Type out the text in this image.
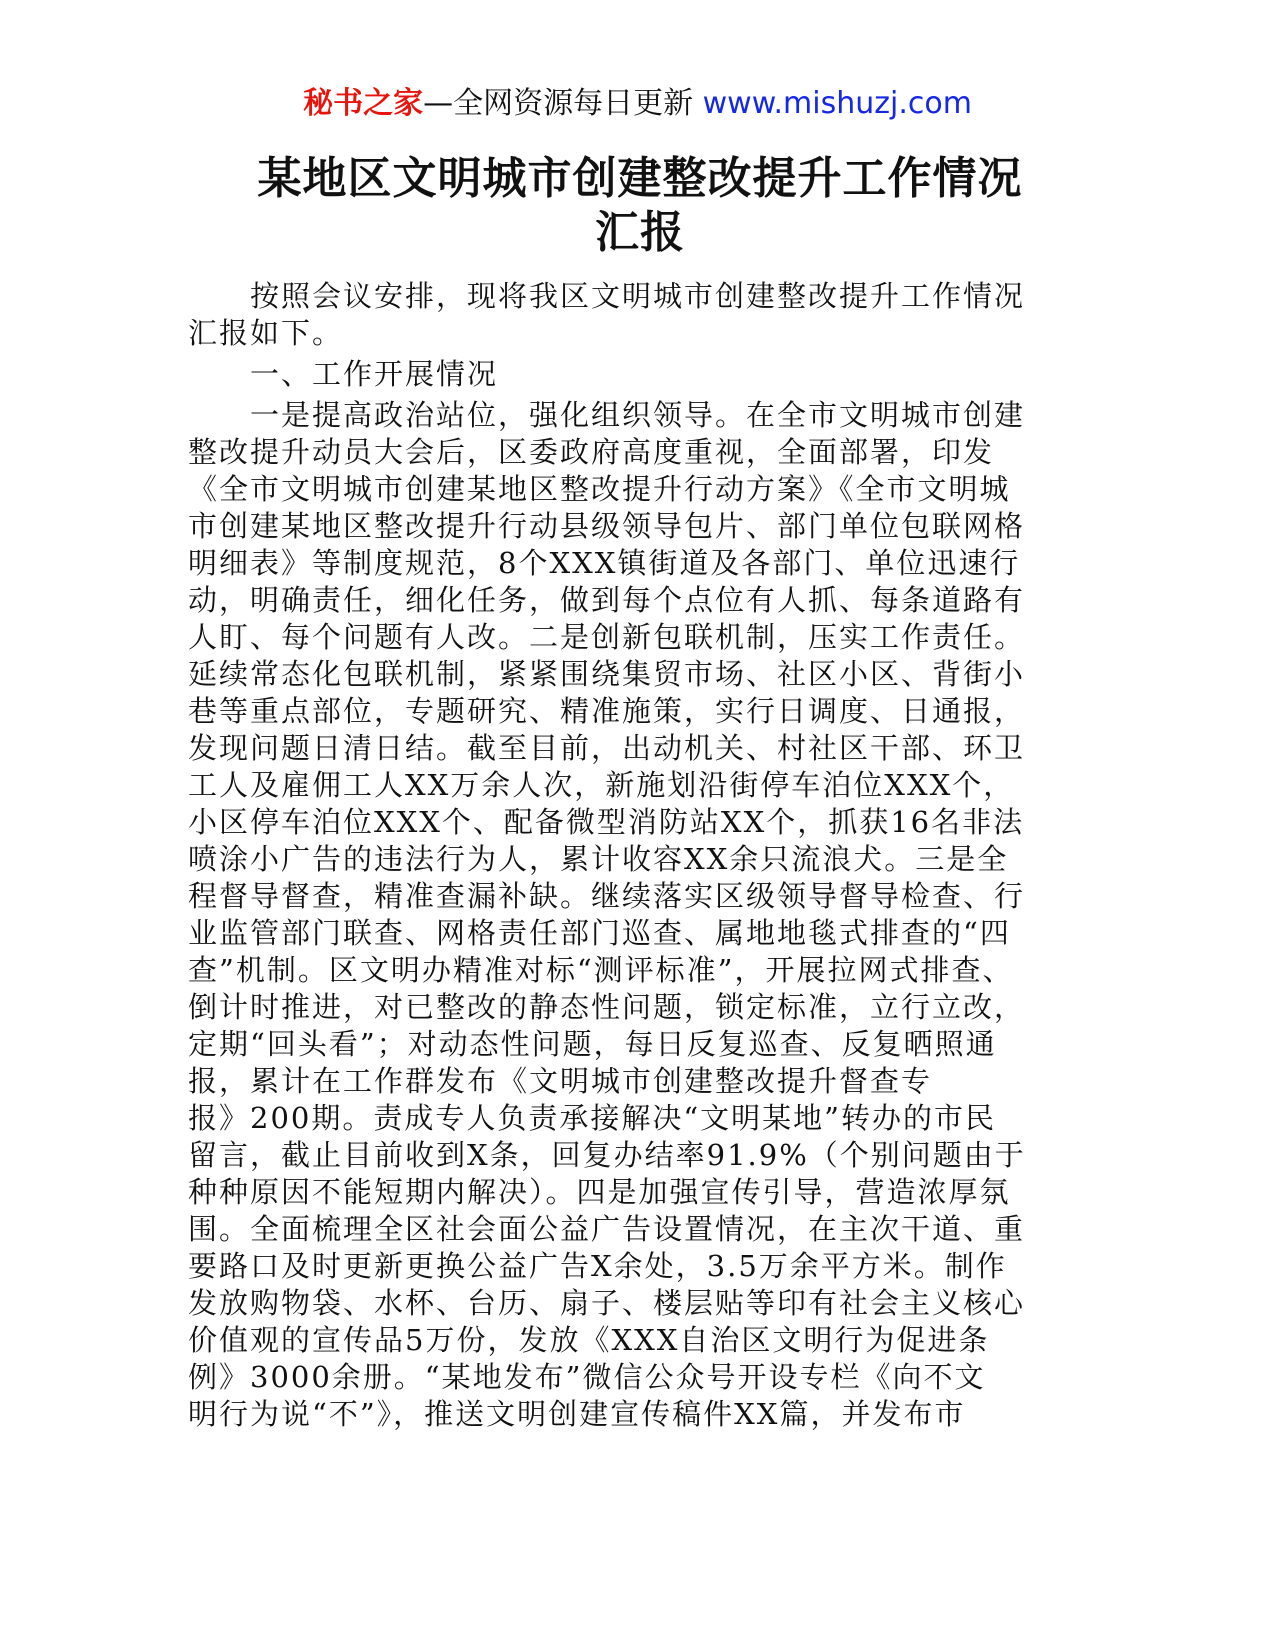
秘书之家—全网资源每日更新 www.mishuzj.com
某地区文明城市创建整改提升工作情况
汇报

　　按照会议安排，现将我区文明城市创建整改提升工作情况
汇报如下。

　　一、工作开展情况

　　一是提高政治站位，强化组织领导。在全市文明城市创建
整改提升动员大会后，区委政府高度重视，全面部署，印发
《全市文明城市创建某地区整改提升行动方案》《全市文明城
市创建某地区整改提升行动县级领导包片、部门单位包联网格
明细表》等制度规范，8个XXX镇街道及各部门、单位迅速行
动，明确责任，细化任务，做到每个点位有人抓、每条道路有
人盯、每个问题有人改。二是创新包联机制，压实工作责任。
延续常态化包联机制，紧紧围绕集贸市场、社区小区、背街小
巷等重点部位，专题研究、精准施策，实行日调度、日通报，
发现问题日清日结。截至目前，出动机关、村社区干部、环卫
工人及雇佣工人XX万余人次，新施划沿街停车泊位XXX个，
小区停车泊位XXX个、配备微型消防站XX个，抓获16名非法
喷涂小广告的违法行为人，累计收容XX余只流浪犬。三是全
程督导督查，精准查漏补缺。继续落实区级领导督导检查、行
业监管部门联查、网格责任部门巡查、属地地毯式排查的“四
查”机制。区文明办精准对标“测评标准”，开展拉网式排查、
倒计时推进，对已整改的静态性问题，锁定标准，立行立改，
定期“回头看”；对动态性问题，每日反复巡查、反复晒照通
报，累计在工作群发布《文明城市创建整改提升督查专
报》200期。责成专人负责承接解决“文明某地”转办的市民
留言，截止目前收到X条，回复办结率91.9%（个别问题由于
种种原因不能短期内解决）。四是加强宣传引导，营造浓厚氛
围。全面梳理全区社会面公益广告设置情况，在主次干道、重
要路口及时更新更换公益广告X余处，3.5万余平方米。制作
发放购物袋、水杯、台历、扇子、楼层贴等印有社会主义核心
价值观的宣传品5万份，发放《XXX自治区文明行为促进条
例》3000余册。“某地发布”微信公众号开设专栏《向不文
明行为说“不”》，推送文明创建宣传稿件XX篇，并发布市
